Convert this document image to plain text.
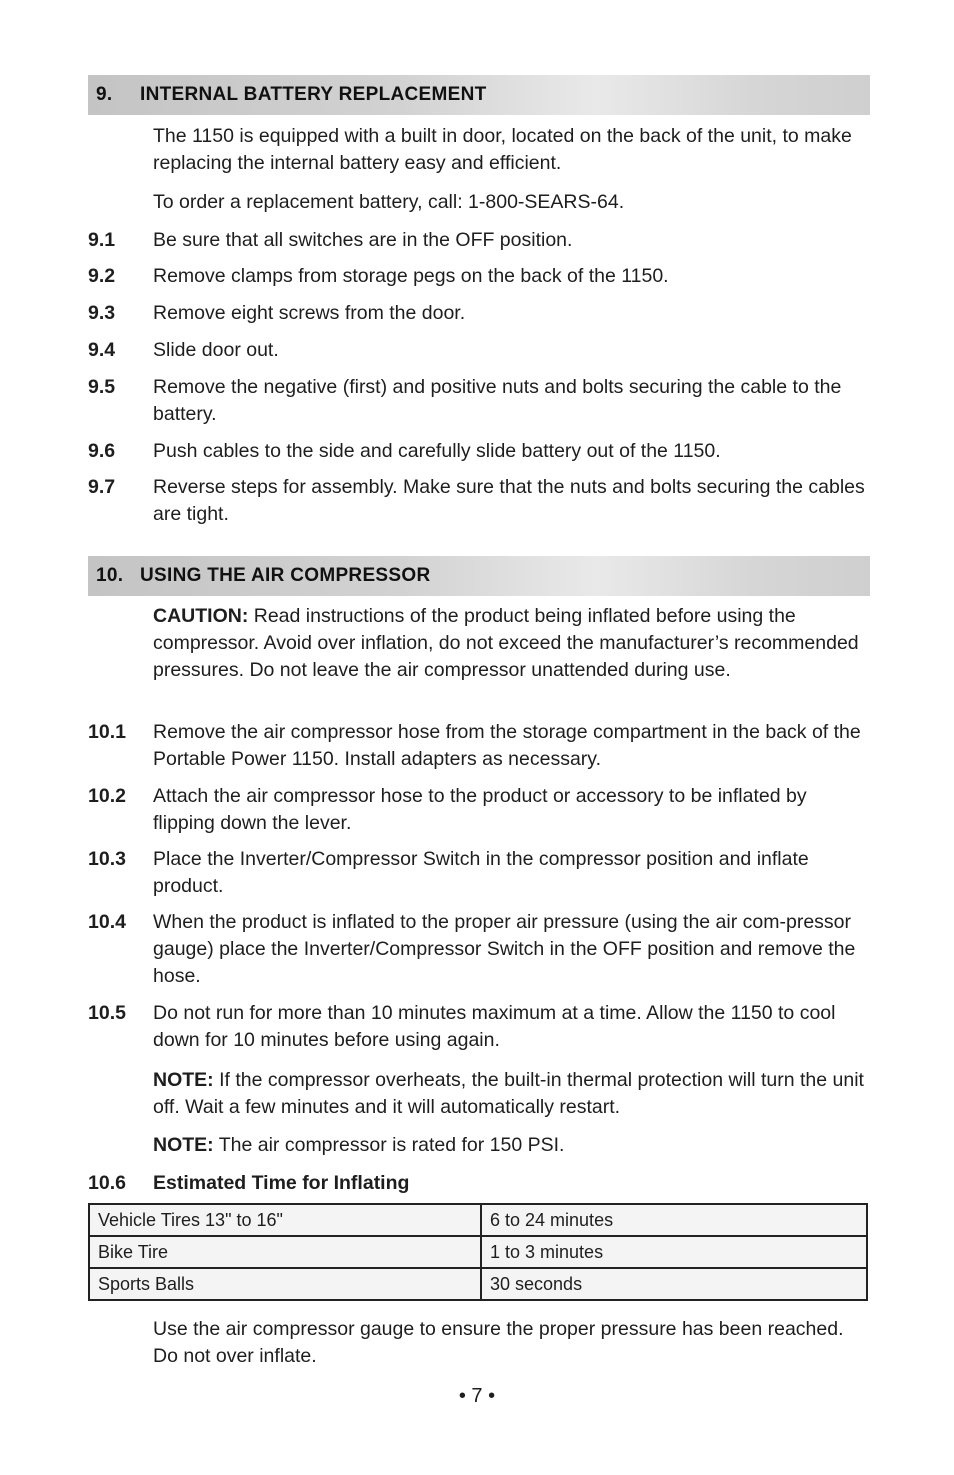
9. INTERNAL BATTERY REPLACEMENT

The 1150 is equipped with a built in door, located on the back of the unit, to make replacing the internal battery easy and efficient.

To order a replacement battery, call: 1-800-SEARS-64.

9.1	Be sure that all switches are in the OFF position.
9.2	Remove clamps from storage pegs on the back of the 1150.
9.3	Remove eight screws from the door.
9.4	Slide door out.
9.5	Remove the negative (first) and positive nuts and bolts securing the cable to the battery.
9.6	Push cables to the side and carefully slide battery out of the 1150.
9.7	Reverse steps for assembly. Make sure that the nuts and bolts securing the cables are tight.
10. USING THE AIR COMPRESSOR

CAUTION: Read instructions of the product being inflated before using the compressor. Avoid over inflation, do not exceed the manufacturer’s recommended pressures. Do not leave the air compressor unattended during use.

10.1	Remove the air compressor hose from the storage compartment in the back of the Portable Power 1150. Install adapters as necessary.
10.2	Attach the air compressor hose to the product or accessory to be inflated by flipping down the lever.
10.3	Place the Inverter/Compressor Switch in the compressor position and inflate product.
10.4	When the product is inflated to the proper air pressure (using the air com-pressor gauge) place the Inverter/Compressor Switch in the OFF position and remove the hose.
10.5	Do not run for more than 10 minutes maximum at a time. Allow the 1150 to cool down for 10 minutes before using again.

NOTE: If the compressor overheats, the built-in thermal protection will turn the unit off. Wait a few minutes and it will automatically restart.

NOTE: The air compressor is rated for 150 PSI.

10.6	Estimated Time for Inflating
Vehicle Tires 13" to 16"	6 to 24 minutes
Bike Tire	1 to 3 minutes
Sports Balls	30 seconds

Use the air compressor gauge to ensure the proper pressure has been reached. Do not over inflate.

• 7 •
